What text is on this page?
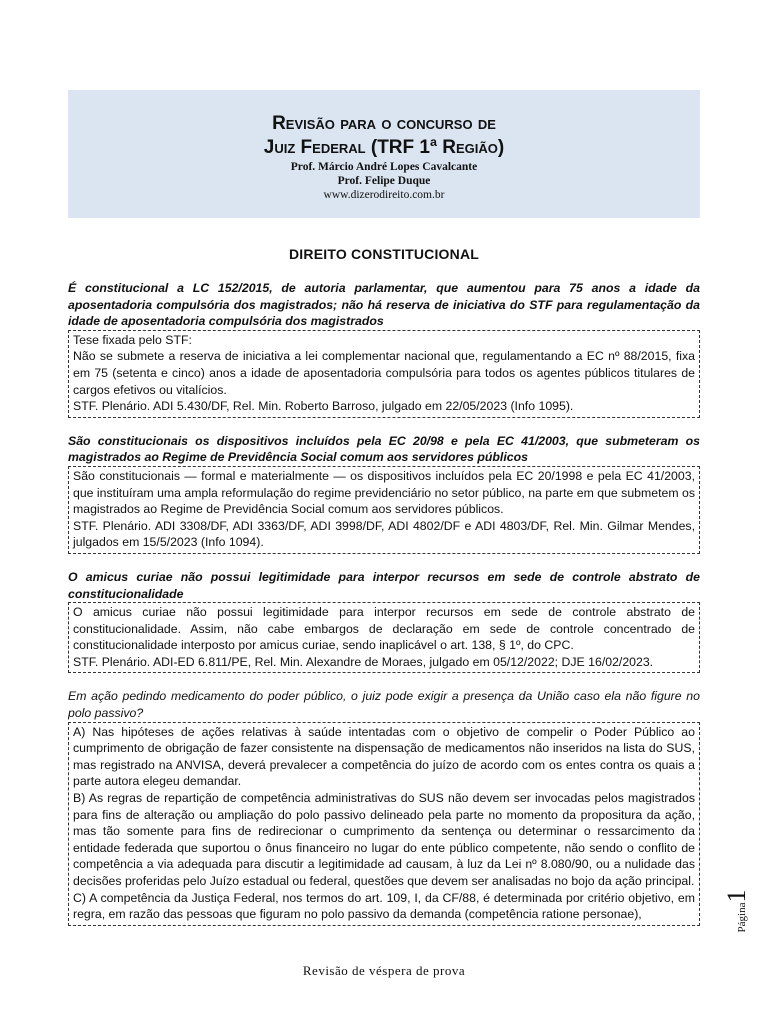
Revisão para o concurso de
Juiz Federal (TRF 1ª Região)
Prof. Márcio André Lopes Cavalcante
Prof. Felipe Duque
www.dizerodireito.com.br
DIREITO CONSTITUCIONAL

É constitucional a LC 152/2015, de autoria parlamentar, que aumentou para 75 anos a idade da aposentadoria compulsória dos magistrados; não há reserva de iniciativa do STF para regulamentação da idade de aposentadoria compulsória dos magistrados

Tese fixada pelo STF:

Não se submete a reserva de iniciativa a lei complementar nacional que, regulamentando a EC nº 88/2015, fixa em 75 (setenta e cinco) anos a idade de aposentadoria compulsória para todos os agentes públicos titulares de cargos efetivos ou vitalícios.

STF. Plenário. ADI 5.430/DF, Rel. Min. Roberto Barroso, julgado em 22/05/2023 (Info 1095).

São constitucionais os dispositivos incluídos pela EC 20/98 e pela EC 41/2003, que submeteram os magistrados ao Regime de Previdência Social comum aos servidores públicos

São constitucionais — formal e materialmente — os dispositivos incluídos pela EC 20/1998 e pela EC 41/2003, que instituíram uma ampla reformulação do regime previdenciário no setor público, na parte em que submetem os magistrados ao Regime de Previdência Social comum aos servidores públicos.

STF. Plenário. ADI 3308/DF, ADI 3363/DF, ADI 3998/DF, ADI 4802/DF e ADI 4803/DF, Rel. Min. Gilmar Mendes, julgados em 15/5/2023 (Info 1094).

O amicus curiae não possui legitimidade para interpor recursos em sede de controle abstrato de constitucionalidade

O amicus curiae não possui legitimidade para interpor recursos em sede de controle abstrato de constitucionalidade. Assim, não cabe embargos de declaração em sede de controle concentrado de constitucionalidade interposto por amicus curiae, sendo inaplicável o art. 138, § 1º, do CPC.

STF. Plenário. ADI-ED 6.811/PE, Rel. Min. Alexandre de Moraes, julgado em 05/12/2022; DJE 16/02/2023.

Em ação pedindo medicamento do poder público, o juiz pode exigir a presença da União caso ela não figure no polo passivo?

A) Nas hipóteses de ações relativas à saúde intentadas com o objetivo de compelir o Poder Público ao cumprimento de obrigação de fazer consistente na dispensação de medicamentos não inseridos na lista do SUS, mas registrado na ANVISA, deverá prevalecer a competência do juízo de acordo com os entes contra os quais a parte autora elegeu demandar.

B) As regras de repartição de competência administrativas do SUS não devem ser invocadas pelos magistrados para fins de alteração ou ampliação do polo passivo delineado pela parte no momento da propositura da ação, mas tão somente para fins de redirecionar o cumprimento da sentença ou determinar o ressarcimento da entidade federada que suportou o ônus financeiro no lugar do ente público competente, não sendo o conflito de competência a via adequada para discutir a legitimidade ad causam, à luz da Lei nº 8.080/90, ou a nulidade das decisões proferidas pelo Juízo estadual ou federal, questões que devem ser analisadas no bojo da ação principal.

C) A competência da Justiça Federal, nos termos do art. 109, I, da CF/88, é determinada por critério objetivo, em regra, em razão das pessoas que figuram no polo passivo da demanda (competência ratione personae),	Página1
Revisão de véspera de prova
